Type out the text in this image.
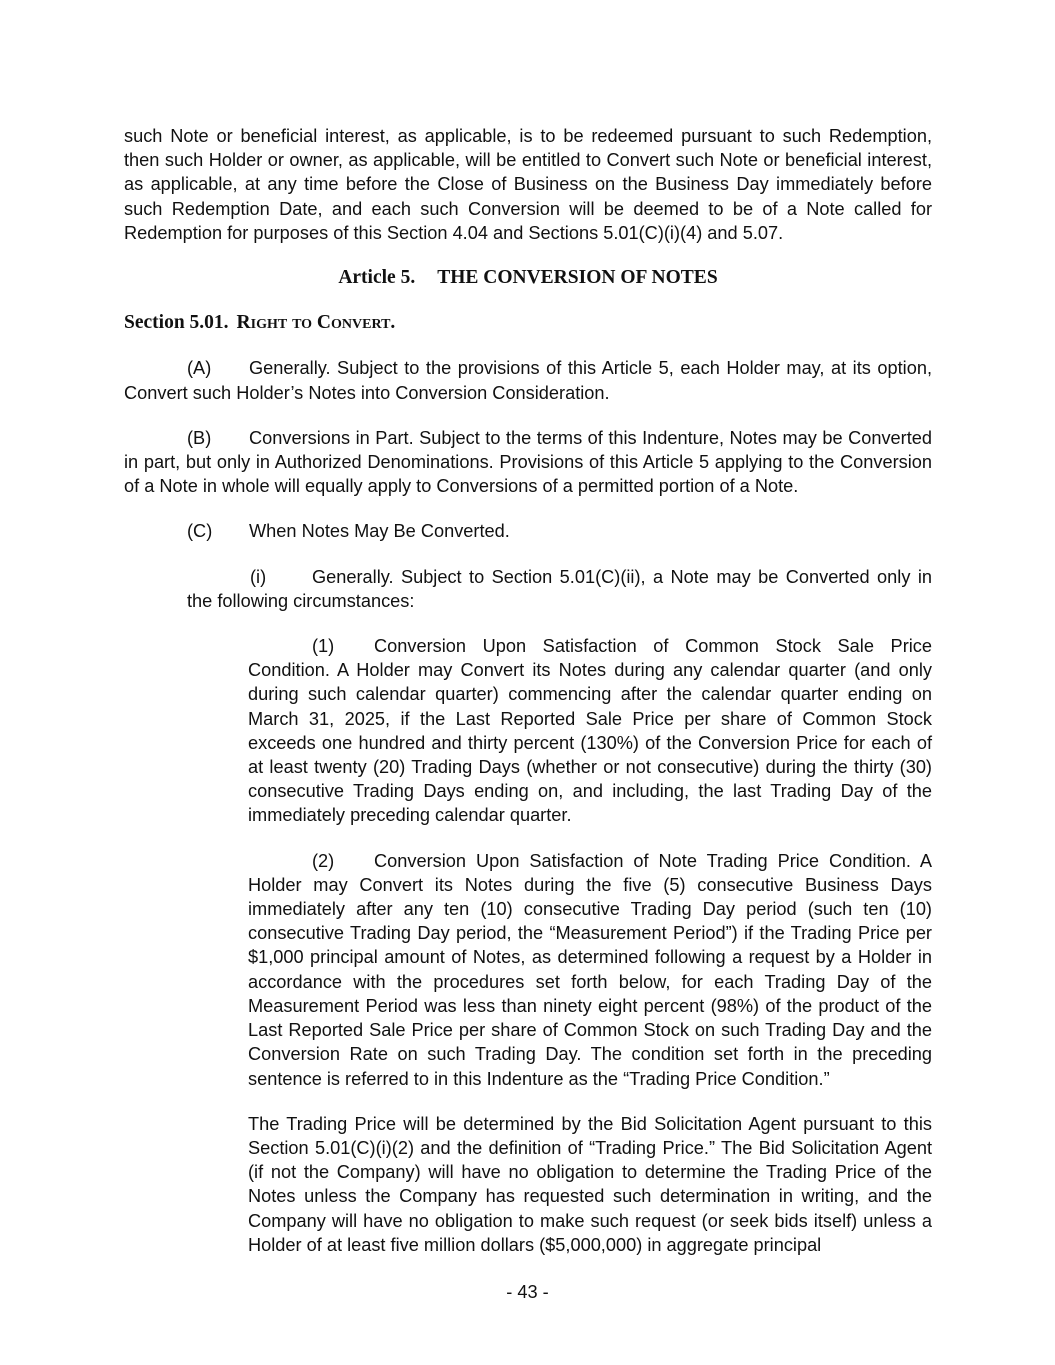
such Note or beneficial interest, as applicable, is to be redeemed pursuant to such Redemption, then such Holder or owner, as applicable, will be entitled to Convert such Note or beneficial interest, as applicable, at any time before the Close of Business on the Business Day immediately before such Redemption Date, and each such Conversion will be deemed to be of a Note called for Redemption for purposes of this Section 4.04 and Sections 5.01(C)(i)(4) and 5.07.

Article 5. THE CONVERSION OF NOTES

Section 5.01. Right to Convert.

(A) Generally. Subject to the provisions of this Article 5, each Holder may, at its option, Convert such Holder’s Notes into Conversion Consideration.

(B) Conversions in Part. Subject to the terms of this Indenture, Notes may be Converted in part, but only in Authorized Denominations. Provisions of this Article 5 applying to the Conversion of a Note in whole will equally apply to Conversions of a permitted portion of a Note.

(C) When Notes May Be Converted.

(i)	Generally. Subject to Section 5.01(C)(ii), a Note may be Converted only in the following circumstances:

(1) Conversion Upon Satisfaction of Common Stock Sale Price Condition. A Holder may Convert its Notes during any calendar quarter (and only during such calendar quarter) commencing after the calendar quarter ending on March 31, 2025, if the Last Reported Sale Price per share of Common Stock exceeds one hundred and thirty percent (130%) of the Conversion Price for each of at least twenty (20) Trading Days (whether or not consecutive) during the thirty (30) consecutive Trading Days ending on, and including, the last Trading Day of the immediately preceding calendar quarter.

(2) Conversion Upon Satisfaction of Note Trading Price Condition. A Holder may Convert its Notes during the five (5) consecutive Business Days immediately after any ten (10) consecutive Trading Day period (such ten (10) consecutive Trading Day period, the “Measurement Period”) if the Trading Price per $1,000 principal amount of Notes, as determined following a request by a Holder in accordance with the procedures set forth below, for each Trading Day of the Measurement Period was less than ninety eight percent (98%) of the product of the Last Reported Sale Price per share of Common Stock on such Trading Day and the Conversion Rate on such Trading Day. The condition set forth in the preceding sentence is referred to in this Indenture as the “Trading Price Condition.”

The Trading Price will be determined by the Bid Solicitation Agent pursuant to this Section 5.01(C)(i)(2) and the definition of “Trading Price.” The Bid Solicitation Agent (if not the Company) will have no obligation to determine the Trading Price of the Notes unless the Company has requested such determination in writing, and the Company will have no obligation to make such request (or seek bids itself) unless a Holder of at least five million dollars ($5,000,000) in aggregate principal

- 43 -
